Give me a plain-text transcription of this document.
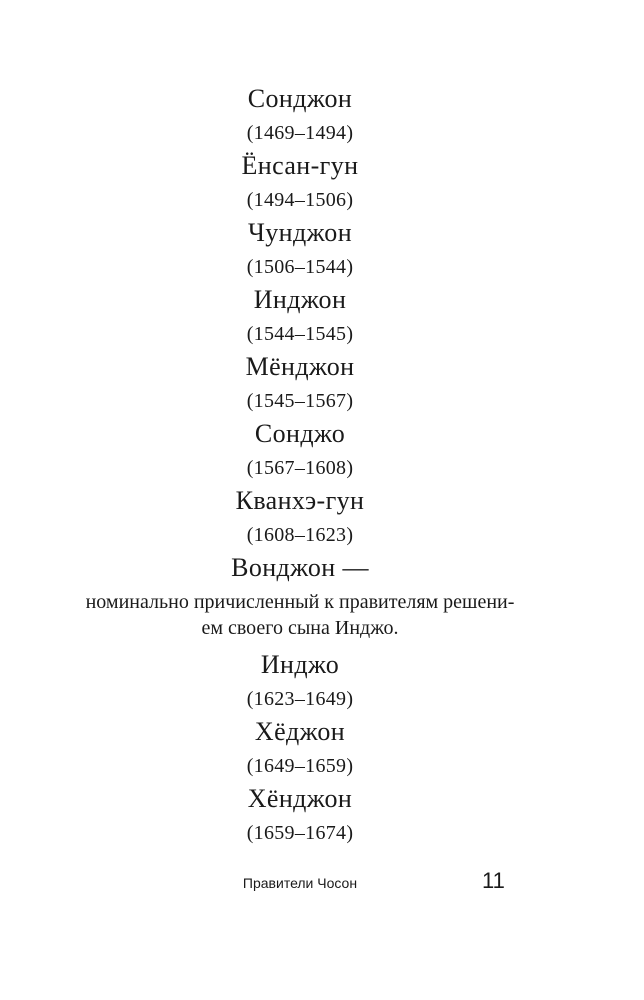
Сонджон
(1469–1494)
Ёнсан-гун
(1494–1506)
Чунджон
(1506–1544)
Инджон
(1544–1545)
Мёнджон
(1545–1567)
Сонджо
(1567–1608)
Кванхэ-гун
(1608–1623)
Вонджон —
номинально причисленный к правителям решени-
ем своего сына Инджо.
Инджо
(1623–1649)
Хёджон
(1649–1659)
Хёнджон
(1659–1674)
Правители Чосон	11
